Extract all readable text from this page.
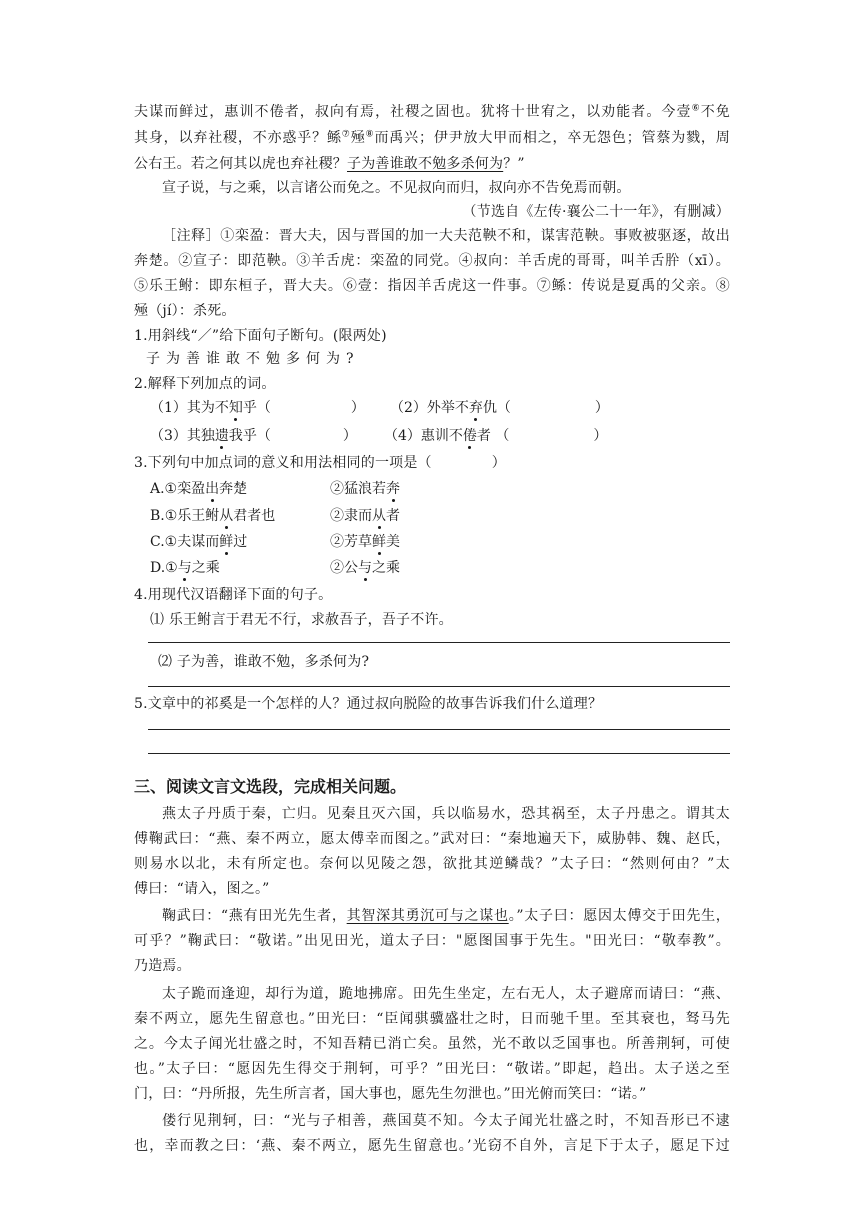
夫谋而鲜过，惠训不倦者，叔向有焉，社稷之固也。犹将十世宥之，以劝能者。今壹⑥不免
其身，以弃社稷，不亦惑乎？鲧⑦殛⑧而禹兴；伊尹放大甲而相之，卒无怨色；管蔡为戮，周
公右王。若之何其以虎也弃社稷？子为善谁敢不勉多杀何为？”
宣子说，与之乘，以言诸公而免之。不见叔向而归，叔向亦不告免焉而朝。
（节选自《左传·襄公二十一年》，有删减）
［注释］①栾盈：晋大夫，因与晋国的加一大夫范鞅不和，谋害范鞅。事败被驱逐，故出
奔楚。②宣子：即范鞅。③羊舌虎：栾盈的同党。④叔向：羊舌虎的哥哥，叫羊舌肸（xī）。
⑤乐王鲋：即东桓子，晋大夫。⑥壹：指因羊舌虎这一件事。⑦鲧：传说是夏禹的父亲。⑧
殛（jí）：杀死。
1.用斜线“／”给下面句子断句。(限两处)
子为善谁敢不勉多何为?
2.解释下列加点的词。
（1）其为不知乎（	） （2）外举不弃仇（	）
（3）其独遗我乎（	） （4）惠训不倦者 （	）
3.下列句中加点词的意义和用法相同的一项是（	）
A.①栾盈出奔楚	②猛浪若奔
B.①乐王鲋从君者也	②隶而从者
C.①夫谋而鲜过	②芳草鲜美
D.①与之乘	②公与之乘
4.用现代汉语翻译下面的句子。
⑴ 乐王鲋言于君无不行，求赦吾子，吾子不许。
⑵ 子为善，谁敢不勉，多杀何为?
5.文章中的祁奚是一个怎样的人？通过叔向脱险的故事告诉我们什么道理？
三、阅读文言文选段，完成相关问题。
燕太子丹质于秦，亡归。见秦且灭六国，兵以临易水，恐其祸至，太子丹患之。谓其太
傅鞠武曰：“燕、秦不两立，愿太傅幸而图之。”武对曰：“秦地遍天下，威胁韩、魏、赵氏，
则易水以北，未有所定也。奈何以见陵之怨，欲批其逆鳞哉？”太子曰：“然则何由？”太
傅曰：“请入，图之。”
鞠武曰：“燕有田光先生者，其智深其勇沉可与之谋也。”太子曰：愿因太傅交于田先生，
可乎？”鞠武曰：“敬诺。”出见田光，道太子曰："愿图国事于先生。"田光曰：“敬奉教”。
乃造焉。
太子跪而逢迎，却行为道，跪地拂席。田先生坐定，左右无人，太子避席而请曰：“燕、
秦不两立，愿先生留意也。”田光曰：“臣闻骐骥盛壮之时，日而驰千里。至其衰也，驽马先
之。今太子闻光壮盛之时，不知吾精已消亡矣。虽然，光不敢以乏国事也。所善荆轲，可使
也。”太子曰：“愿因先生得交于荆轲，可乎？”田光曰：“敬诺。”即起，趋出。太子送之至
门，曰：“丹所报，先生所言者，国大事也，愿先生勿泄也。”田光俯而笑曰：“诺。”
偻行见荆轲，曰：“光与子相善，燕国莫不知。今太子闻光壮盛之时，不知吾形已不逮
也，幸而教之曰：‘燕、秦不两立，愿先生留意也。’光窃不自外，言足下于太子，愿足下过
